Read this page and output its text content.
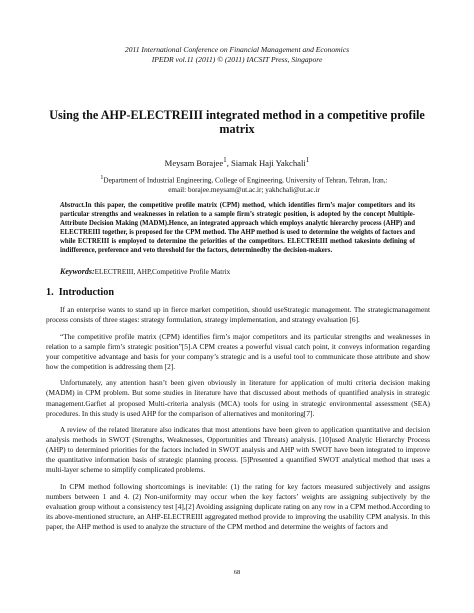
2011 International Conference on Financial Management and Economics
IPEDR vol.11 (2011) © (2011) IACSIT Press, Singapore
Using the AHP-ELECTREIII integrated method in a competitive profile matrix
Meysam Borajee$^1$, Siamak Haji Yakchali$^1$
$^1$Department of Industrial Engineering, College of Engineering, University of Tehran, Tehran, Iran,:
email: borajee.meysam@ut.ac.ir; yakhchali@ut.ac.ir
Abstract.In this paper, the competitive profile matrix (CPM) method, which identifies firm’s major competitors and its particular strengths and weaknesses in relation to a sample firm’s strategic position, is adopted by the concept Multiple-Attribute Decision Making (MADM).Hence, an integrated approach which employs analytic hierarchy process (AHP) and ELECTREIII together, is proposed for the CPM method. The AHP method is used to determine the weights of factors and while ECTREIII is employed to determine the priorities of the competitors. ELECTREIII method takesinto defining of indifference, preference and veto threshold for the factors, determinedby the decision-makers.
Keywords:ELECTREIII, AHP,Competitive Profile Matrix
1. Introduction

If an enterprise wants to stand up in fierce market competition, should useStrategic management. The strategicmanagement process consists of three stages: strategy formulation, strategy implementation, and strategy evaluation [6].

“The competitive profile matrix (CPM) identifies firm’s major competitors and its particular strengths and weaknesses in relation to a sample firm’s strategic position”[5].A CPM creates a powerful visual catch point, it conveys information regarding your competitive advantage and basis for your company’s strategic and is a useful tool to communicate those attribute and show how the competition is addressing them [2].

Unfortunately, any attention hasn’t been given obviously in literature for application of multi criteria decision making (MADM) in CPM problem. But some studies in literature have that discussed about methods of quantified analysis in strategic management.Garfiet al proposed Multi-criteria analysis (MCA) tools for using in strategic environmental assessment (SEA) procedures. In this study is used AHP for the comparison of alternatives and monitoring[7].

A review of the related literature also indicates that most attentions have been given to application quantitative and decision analysis methods in SWOT (Strengths, Weaknesses, Opportunities and Threats) analysis. [10]used Analytic Hierarchy Process (AHP) to determined priorities for the factors included in SWOT analysis and AHP with SWOT have been integrated to improve the quantitative information basis of strategic planning process. [5]Presented a quantified SWOT analytical method that uses a multi-layer scheme to simplify complicated problems.

In CPM method following shortcomings is inevitable: (1) the rating for key factors measured subjectively and assigns numbers between 1 and 4. (2) Non-uniformity may occur when the key factors’ weights are assigning subjectively by the evaluation group without a consistency test [4],[2] Avoiding assigning duplicate rating on any row in a CPM method.According to its above-mentioned structure, an AHP-ELECTREIII aggregated method provide to improving the usability CPM analysis. In this paper, the AHP method is used to analyze the structure of the CPM method and determine the weights of factors and

68
